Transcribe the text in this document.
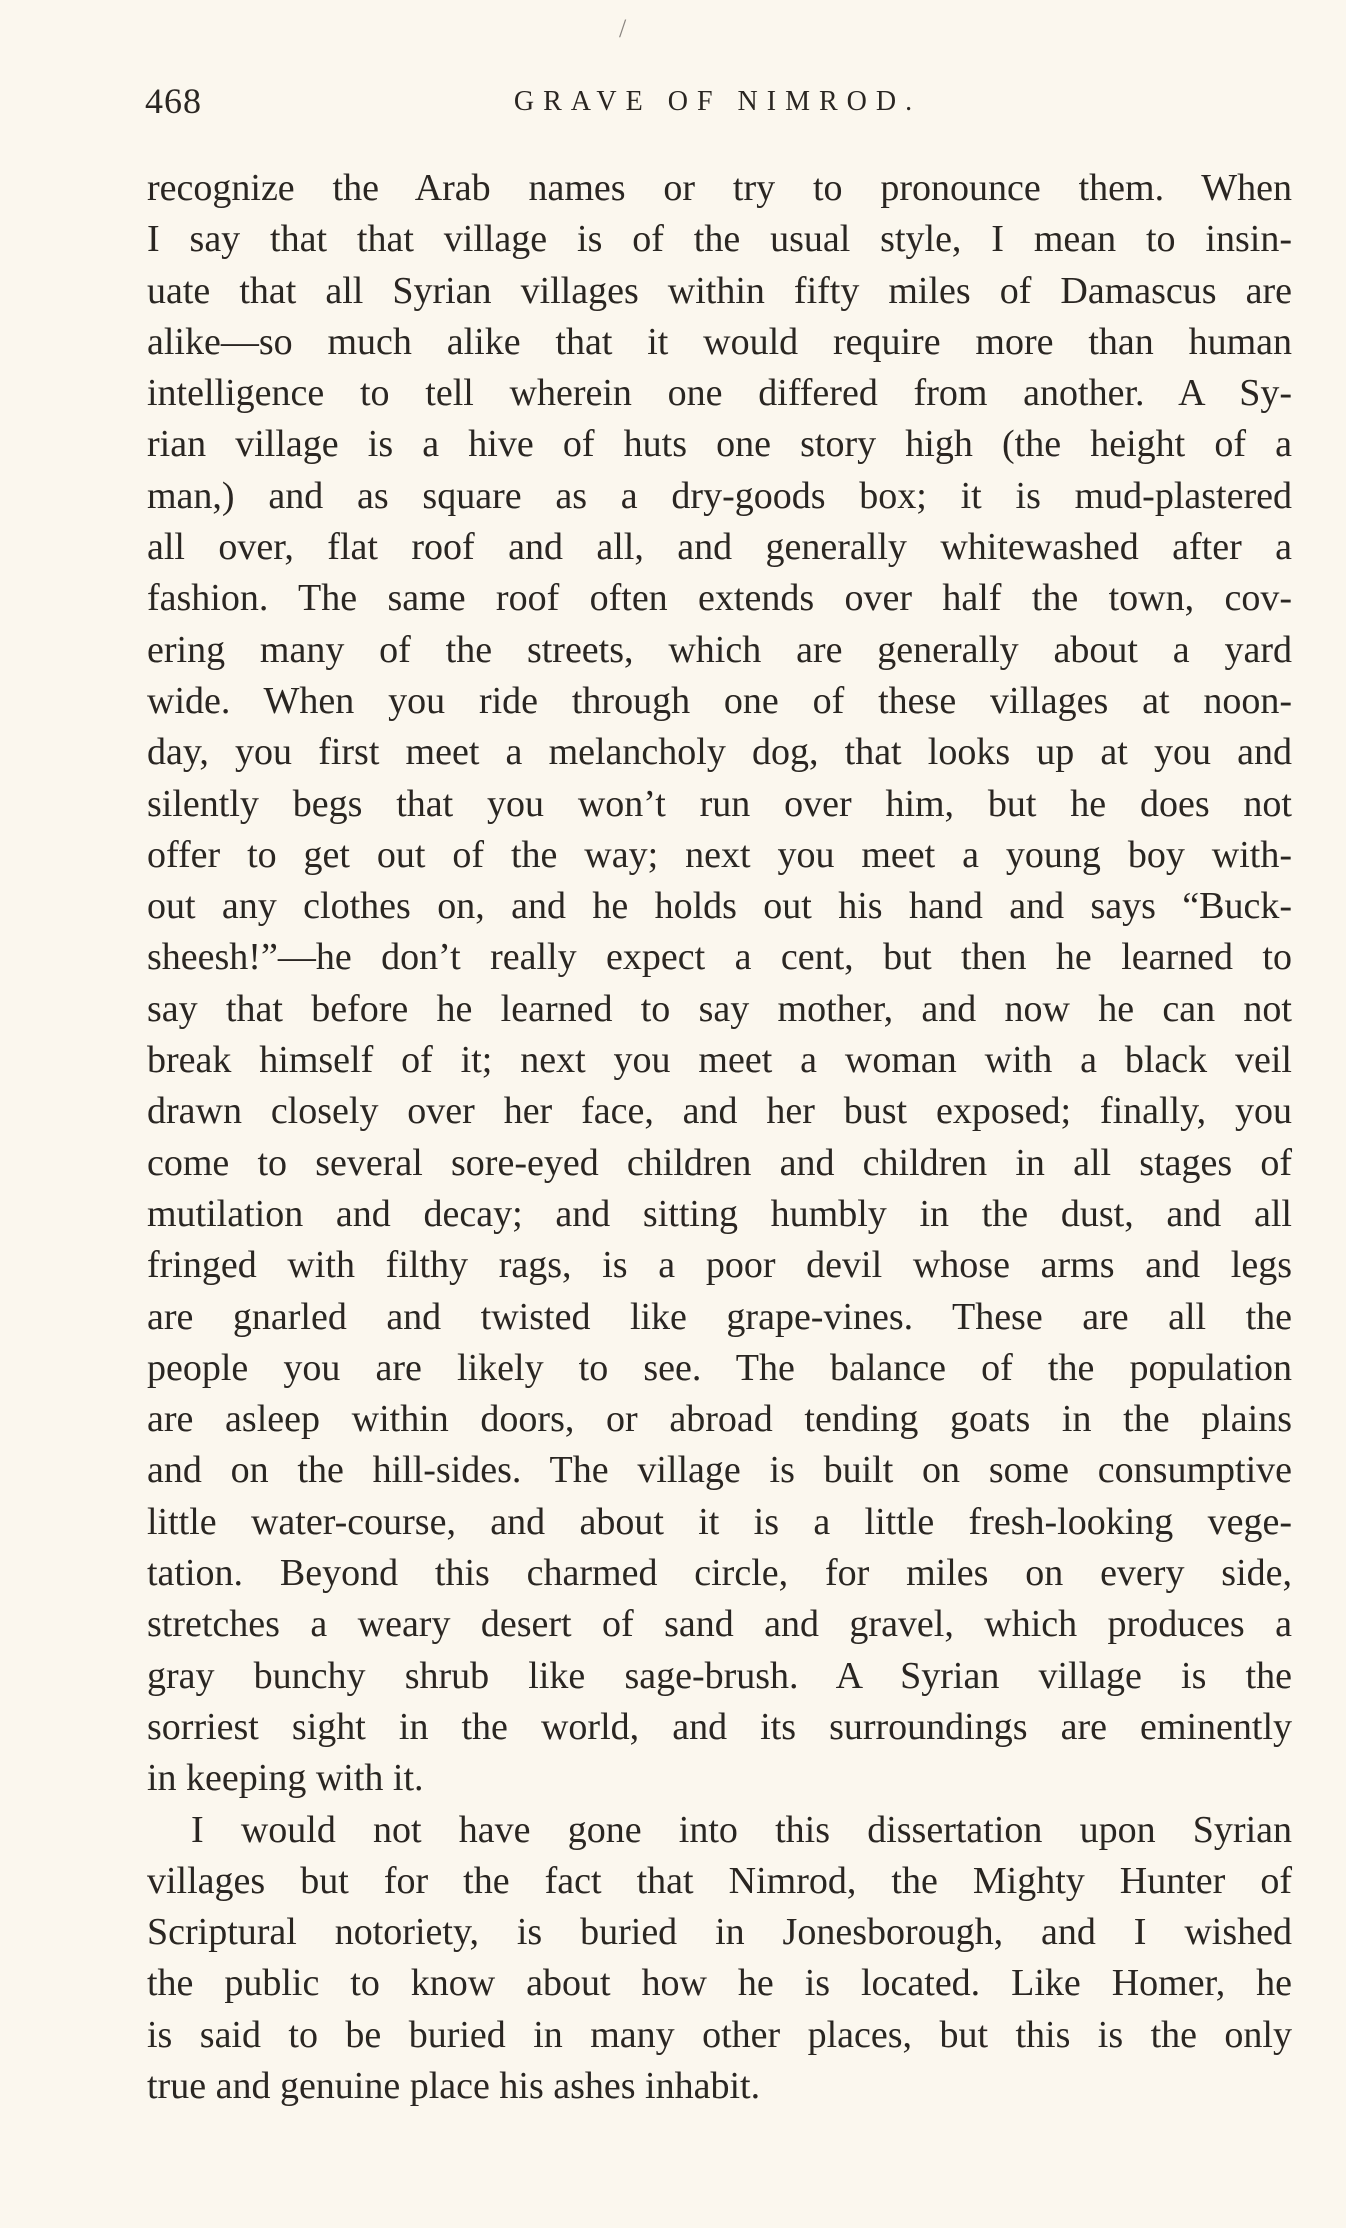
/
468	GRAVE OF NIMROD.
recognize the Arab names or try to pronounce them. When
I say that that village is of the usual style, I mean to insin-
uate that all Syrian villages within fifty miles of Damascus are
alike—so much alike that it would require more than human
intelligence to tell wherein one differed from another. A Sy-
rian village is a hive of huts one story high (the height of a
man,) and as square as a dry-goods box; it is mud-plastered
all over, flat roof and all, and generally whitewashed after a
fashion. The same roof often extends over half the town, cov-
ering many of the streets, which are generally about a yard
wide. When you ride through one of these villages at noon-
day, you first meet a melancholy dog, that looks up at you and
silently begs that you won’t run over him, but he does not
offer to get out of the way; next you meet a young boy with-
out any clothes on, and he holds out his hand and says “Buck-
sheesh!”—he don’t really expect a cent, but then he learned to
say that before he learned to say mother, and now he can not
break himself of it; next you meet a woman with a black veil
drawn closely over her face, and her bust exposed; finally, you
come to several sore-eyed children and children in all stages of
mutilation and decay; and sitting humbly in the dust, and all
fringed with filthy rags, is a poor devil whose arms and legs
are gnarled and twisted like grape-vines. These are all the
people you are likely to see. The balance of the population
are asleep within doors, or abroad tending goats in the plains
and on the hill-sides. The village is built on some consumptive
little water-course, and about it is a little fresh-looking vege-
tation. Beyond this charmed circle, for miles on every side,
stretches a weary desert of sand and gravel, which produces a
gray bunchy shrub like sage-brush. A Syrian village is the
sorriest sight in the world, and its surroundings are eminently
in keeping with it.
I would not have gone into this dissertation upon Syrian
villages but for the fact that Nimrod, the Mighty Hunter of
Scriptural notoriety, is buried in Jonesborough, and I wished
the public to know about how he is located. Like Homer, he
is said to be buried in many other places, but this is the only
true and genuine place his ashes inhabit.
